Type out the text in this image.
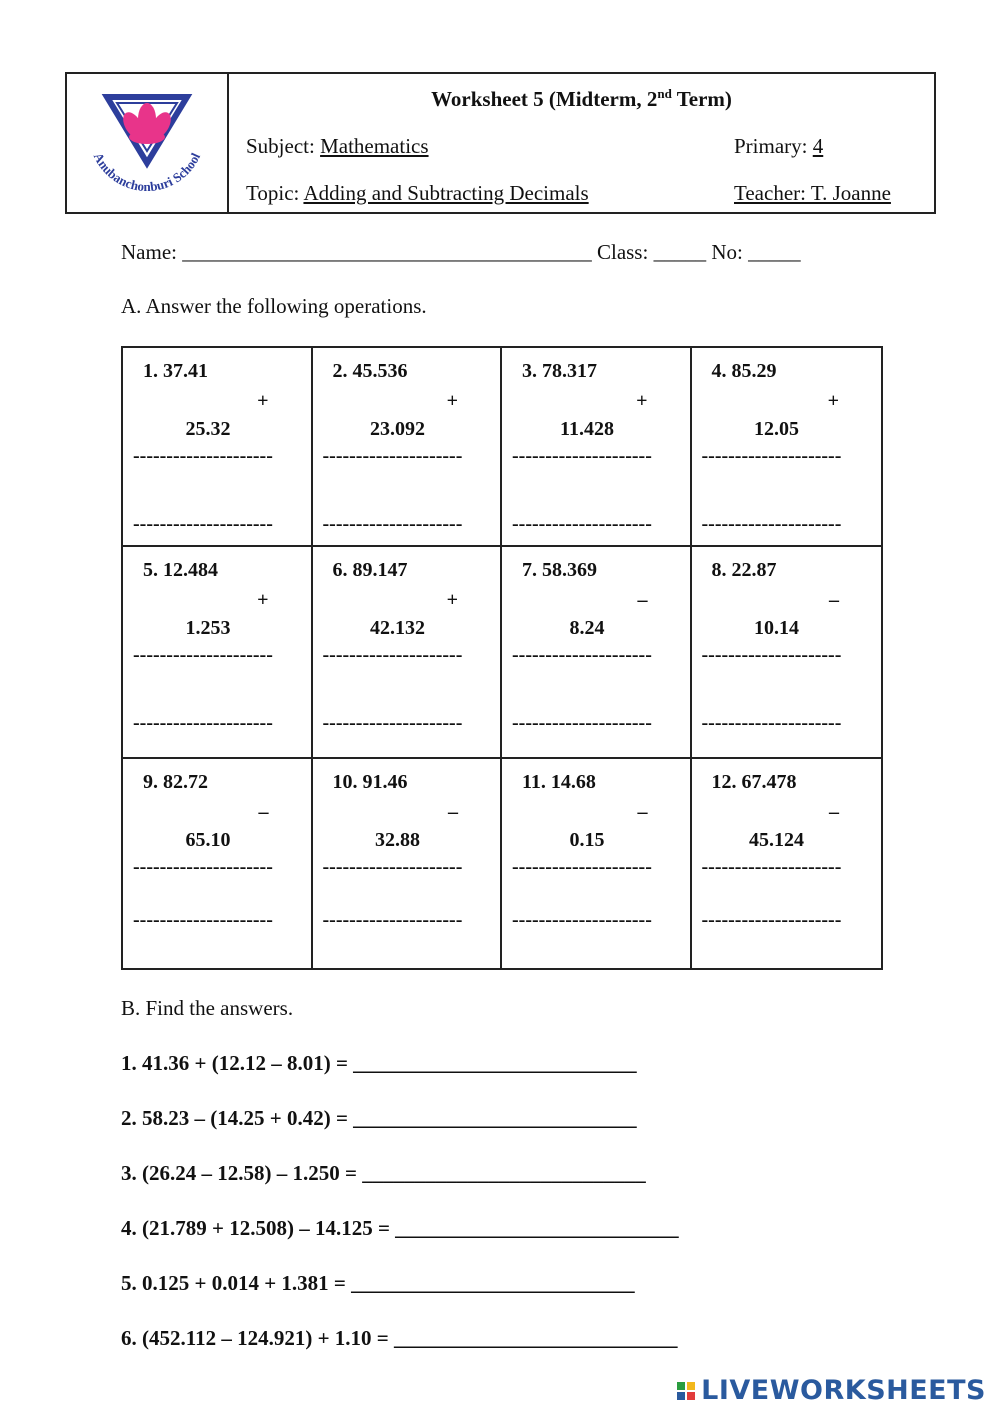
Anubanchonburi School
Worksheet 5 (Midterm, 2nd Term)
Subject: Mathematics	Primary: 4
Topic: Adding and Subtracting Decimals	Teacher: T. Joanne
Name: _______________________________________ Class: _____ No: _____
A. Answer the following operations.
1. 37.41
+
25.32
---------------------
---------------------
2. 45.536
+
23.092
---------------------
---------------------
3. 78.317
+
11.428
---------------------
---------------------
4. 85.29
+
12.05
---------------------
---------------------
5. 12.484
+
1.253
---------------------
---------------------
6. 89.147
+
42.132
---------------------
---------------------
7. 58.369
–
8.24
---------------------
---------------------
8. 22.87
–
10.14
---------------------
---------------------
9. 82.72
–
65.10
---------------------
---------------------
10. 91.46
–
32.88
---------------------
---------------------
11. 14.68
–
0.15
---------------------
---------------------
12. 67.478
–
45.124
---------------------
---------------------
B. Find the answers.
1. 41.36 + (12.12 – 8.01) = ___________________________
2. 58.23 – (14.25 + 0.42) = ___________________________
3. (26.24 – 12.58) – 1.250 = ___________________________
4. (21.789 + 12.508) – 14.125 = ___________________________
5. 0.125 + 0.014 + 1.381 = ___________________________
6. (452.112 – 124.921) + 1.10 = ___________________________
LIVEWORKSHEETS
